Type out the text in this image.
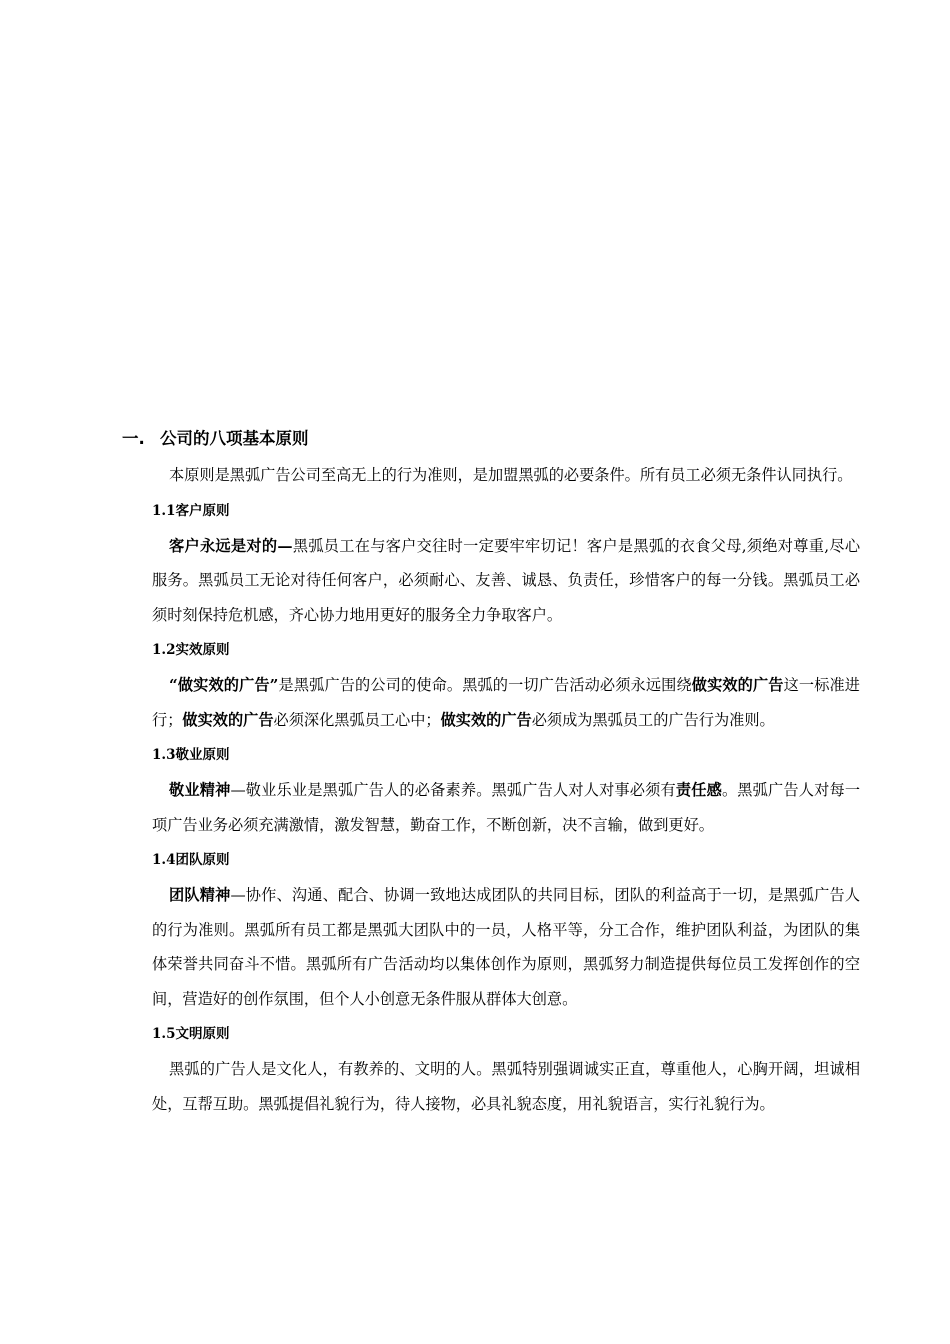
一. 公司的八项基本原则

本原则是黑弧广告公司至高无上的行为准则，是加盟黑弧的必要条件。所有员工必须无条件认同执行。

1.1客户原则

客户永远是对的—黑弧员工在与客户交往时一定要牢牢切记！客户是黑弧的衣食父母,须绝对尊重,尽心服务。黑弧员工无论对待任何客户，必须耐心、友善、诚恳、负责任，珍惜客户的每一分钱。黑弧员工必须时刻保持危机感，齐心协力地用更好的服务全力争取客户。

1.2实效原则

“做实效的广告”是黑弧广告的公司的使命。黑弧的一切广告活动必须永远围绕做实效的广告这一标准进行；做实效的广告必须深化黑弧员工心中；做实效的广告必须成为黑弧员工的广告行为准则。

1.3敬业原则

敬业精神—敬业乐业是黑弧广告人的必备素养。黑弧广告人对人对事必须有责任感。黑弧广告人对每一项广告业务必须充满激情，激发智慧，勤奋工作，不断创新，决不言输，做到更好。

1.4团队原则

团队精神—协作、沟通、配合、协调一致地达成团队的共同目标，团队的利益高于一切，是黑弧广告人的行为准则。黑弧所有员工都是黑弧大团队中的一员，人格平等，分工合作，维护团队利益，为团队的集体荣誉共同奋斗不惜。黑弧所有广告活动均以集体创作为原则，黑弧努力制造提供每位员工发挥创作的空间，营造好的创作氛围，但个人小创意无条件服从群体大创意。

1.5文明原则

黑弧的广告人是文化人，有教养的、文明的人。黑弧特别强调诚实正直，尊重他人，心胸开阔，坦诚相处，互帮互助。黑弧提倡礼貌行为，待人接物，必具礼貌态度，用礼貌语言，实行礼貌行为。
